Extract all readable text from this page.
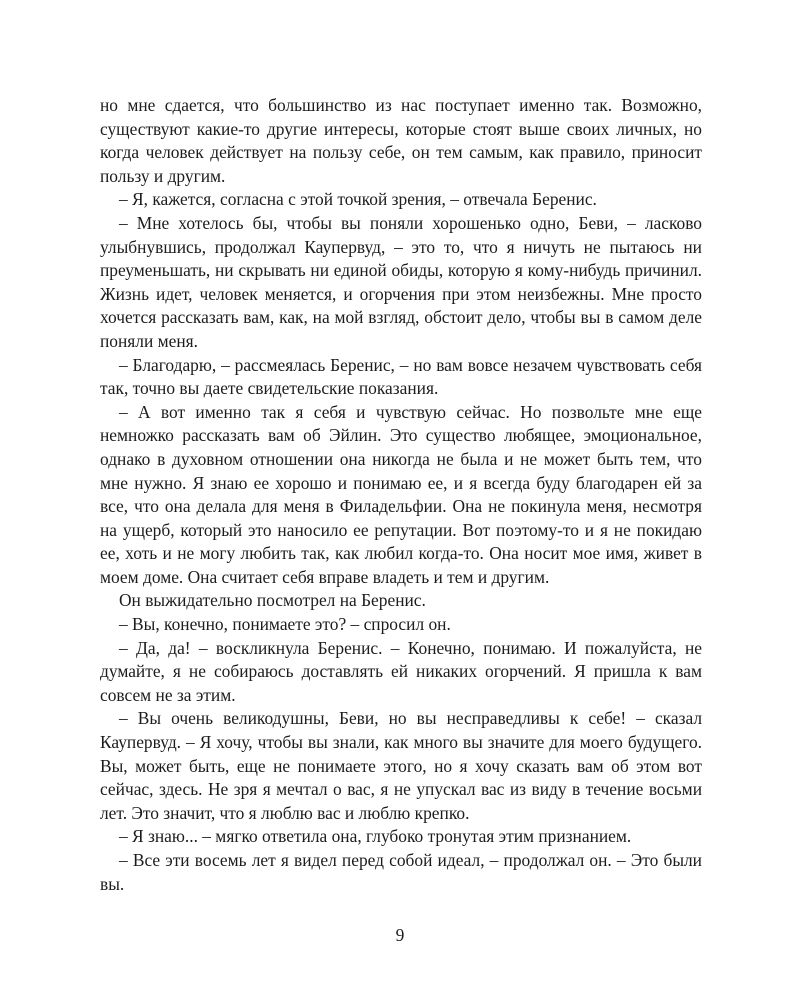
но мне сдается, что большинство из нас поступает именно так. Возможно, существуют какие-то другие интересы, которые стоят выше своих личных, но когда человек действует на пользу себе, он тем самым, как правило, приносит пользу и другим.

– Я, кажется, согласна с этой точкой зрения, – отвечала Беренис.

– Мне хотелось бы, чтобы вы поняли хорошенько одно, Беви, – ласково улыбнувшись, продолжал Каупервуд, – это то, что я ничуть не пытаюсь ни преуменьшать, ни скрывать ни единой обиды, которую я кому-нибудь причинил. Жизнь идет, человек меняется, и огорчения при этом неизбежны. Мне просто хочется рассказать вам, как, на мой взгляд, обстоит дело, чтобы вы в самом деле поняли меня.

– Благодарю, – рассмеялась Беренис, – но вам вовсе незачем чувствовать себя так, точно вы даете свидетельские показания.

– А вот именно так я себя и чувствую сейчас. Но позвольте мне еще немножко рассказать вам об Эйлин. Это существо любящее, эмоциональное, однако в духовном отношении она никогда не была и не может быть тем, что мне нужно. Я знаю ее хорошо и понимаю ее, и я всегда буду благодарен ей за все, что она делала для меня в Филадельфии. Она не покинула меня, несмотря на ущерб, который это наносило ее репутации. Вот поэтому-то и я не покидаю ее, хоть и не могу любить так, как любил когда-то. Она носит мое имя, живет в моем доме. Она считает себя вправе владеть и тем и другим.

Он выжидательно посмотрел на Беренис.

– Вы, конечно, понимаете это? – спросил он.

– Да, да! – воскликнула Беренис. – Конечно, понимаю. И пожалуйста, не думайте, я не собираюсь доставлять ей никаких огорчений. Я пришла к вам совсем не за этим.

– Вы очень великодушны, Беви, но вы несправедливы к себе! – сказал Каупервуд. – Я хочу, чтобы вы знали, как много вы значите для моего будущего. Вы, может быть, еще не понимаете этого, но я хочу сказать вам об этом вот сейчас, здесь. Не зря я мечтал о вас, я не упускал вас из виду в течение восьми лет. Это значит, что я люблю вас и люблю крепко.

– Я знаю... – мягко ответила она, глубоко тронутая этим признанием.

– Все эти восемь лет я видел перед собой идеал, – продолжал он. – Это были вы.

9
